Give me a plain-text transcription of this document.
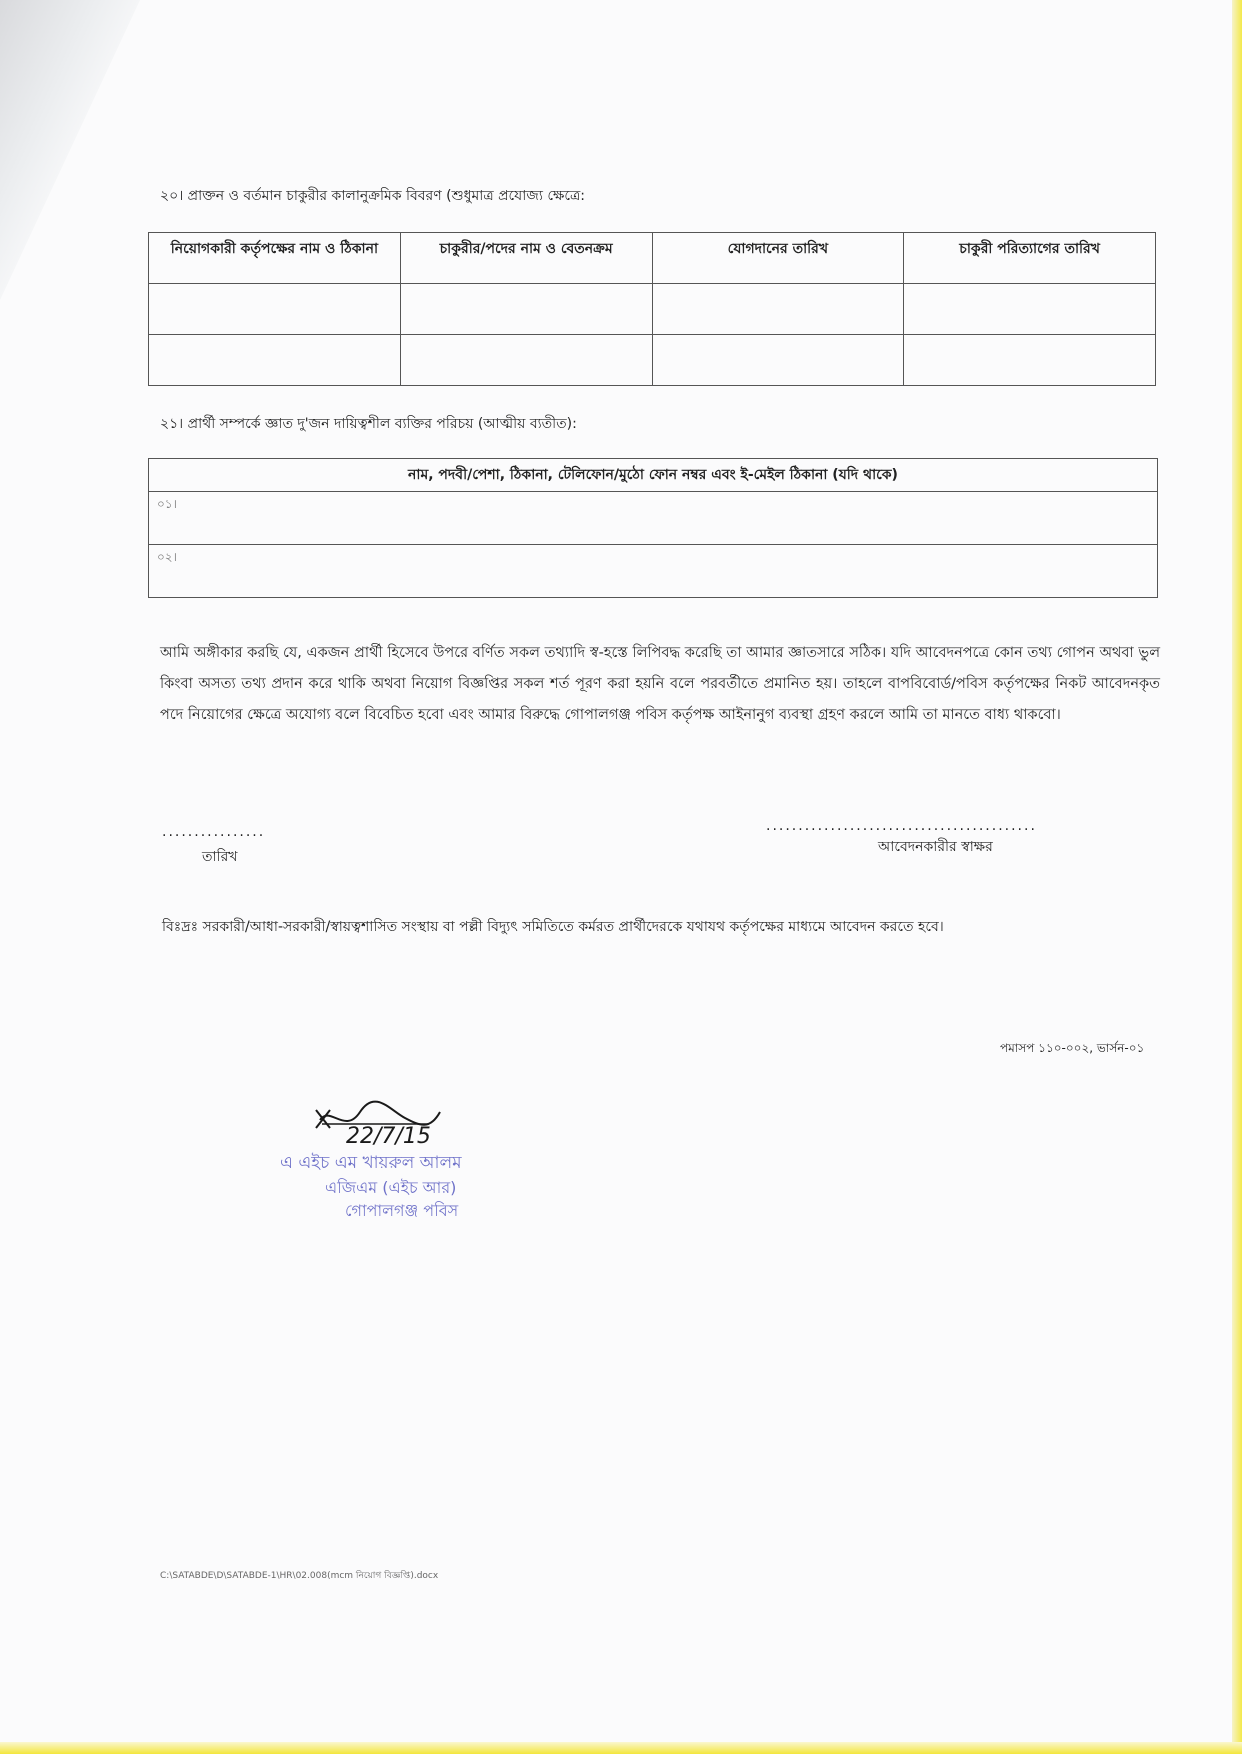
২০। প্রাক্তন ও বর্তমান চাকুরীর কালানুক্রমিক বিবরণ (শুধুমাত্র প্রযোজ্য ক্ষেত্রে:
নিয়োগকারী কর্তৃপক্ষের নাম ও ঠিকানা	চাকুরীর/পদের নাম ও বেতনক্রম	যোগদানের তারিখ	চাকুরী পরিত্যাগের তারিখ

২১। প্রার্থী সম্পর্কে জ্ঞাত দু'জন দায়িত্বশীল ব্যক্তির পরিচয় (আত্মীয় ব্যতীত):
নাম, পদবী/পেশা, ঠিকানা, টেলিফোন/মুঠো ফোন নম্বর এবং ই-মেইল ঠিকানা (যদি থাকে)
০১।
০২।
আমি অঙ্গীকার করছি যে, একজন প্রার্থী হিসেবে উপরে বর্ণিত সকল তথ্যাদি স্ব-হস্তে লিপিবদ্ধ করেছি তা আমার জ্ঞাতসারে সঠিক। যদি আবেদনপত্রে কোন তথ্য গোপন অথবা ভুল কিংবা অসত্য তথ্য প্রদান করে থাকি অথবা নিয়োগ বিজ্ঞপ্তির সকল শর্ত পূরণ করা হয়নি বলে পরবর্তীতে প্রমানিত হয়। তাহলে বাপবিবোর্ড/পবিস কর্তৃপক্ষের নিকট আবেদনকৃত পদে নিয়োগের ক্ষেত্রে অযোগ্য বলে বিবেচিত হবো এবং আমার বিরুদ্ধে গোপালগঞ্জ পবিস কর্তৃপক্ষ আইনানুগ ব্যবস্থা গ্রহণ করলে আমি তা মানতে বাধ্য থাকবো।
................
তারিখ
..........................................
আবেদনকারীর স্বাক্ষর
বিঃদ্রঃ সরকারী/আধা-সরকারী/স্বায়ত্বশাসিত সংস্থায় বা পল্লী বিদ্যুৎ সমিতিতে কর্মরত প্রার্থীদেরকে যথাযথ কর্তৃপক্ষের মাধ্যমে আবেদন করতে হবে।
পমাসপ ১১০-০০২, ভার্সন-০১
22/7/15
এ এইচ এম খায়রুল আলম
এজিএম (এইচ আর)
গোপালগঞ্জ পবিস
C:\SATABDE\D\SATABDE-1\HR\02.008(mcm নিয়োগ বিজ্ঞপ্তি).docx
